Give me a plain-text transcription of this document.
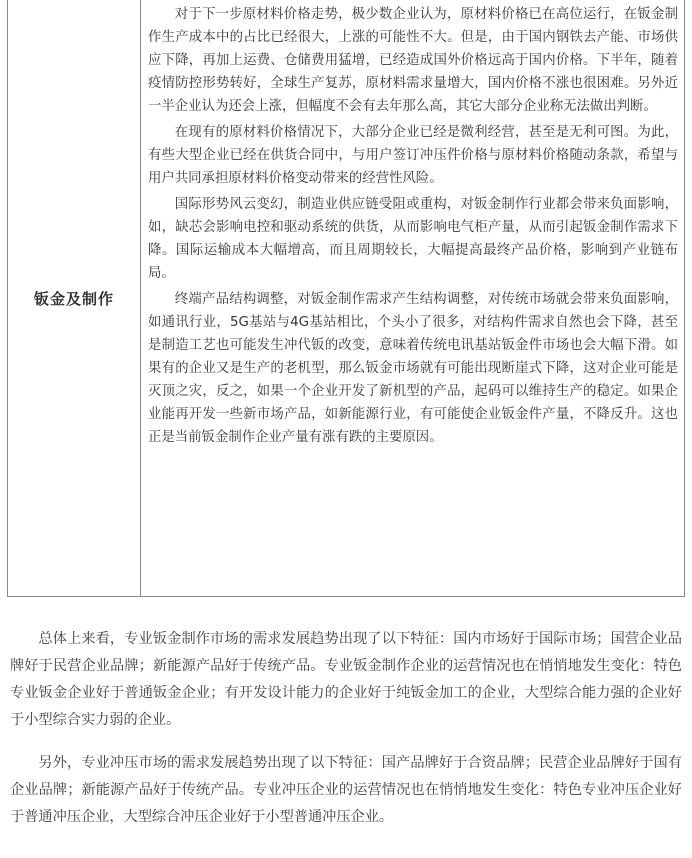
钣金及制作

对于下一步原材料价格走势，极少数企业认为，原材料价格已在高位运行，在钣金制作生产成本中的占比已经很大，上涨的可能性不大。但是，由于国内钢铁去产能、市场供应下降，再加上运费、仓储费用猛增，已经造成国外价格远高于国内价格。下半年，随着疫情防控形势转好，全球生产复苏，原材料需求量增大，国内价格不涨也很困难。另外近一半企业认为还会上涨，但幅度不会有去年那么高，其它大部分企业称无法做出判断。

在现有的原材料价格情况下，大部分企业已经是微利经营，甚至是无利可图。为此，有些大型企业已经在供货合同中，与用户签订冲压件价格与原材料价格随动条款，希望与用户共同承担原材料价格变动带来的经营性风险。

国际形势风云变幻，制造业供应链受阻或重构，对钣金制作行业都会带来负面影响，如，缺芯会影响电控和驱动系统的供货，从而影响电气柜产量，从而引起钣金制作需求下降。国际运输成本大幅增高，而且周期较长，大幅提高最终产品价格，影响到产业链布局。

终端产品结构调整，对钣金制作需求产生结构调整，对传统市场就会带来负面影响，如通讯行业，5G基站与4G基站相比，个头小了很多，对结构件需求自然也会下降，甚至是制造工艺也可能发生冲代钣的改变，意味着传统电讯基站钣金件市场也会大幅下滑。如果有的企业又是生产的老机型，那么钣金市场就有可能出现断崖式下降，这对企业可能是灭顶之灾，反之，如果一个企业开发了新机型的产品，起码可以维持生产的稳定。如果企业能再开发一些新市场产品，如新能源行业，有可能使企业钣金件产量，不降反升。这也正是当前钣金制作企业产量有涨有跌的主要原因。

总体上来看，专业钣金制作市场的需求发展趋势出现了以下特征：国内市场好于国际市场；国营企业品牌好于民营企业品牌；新能源产品好于传统产品。专业钣金制作企业的运营情况也在悄悄地发生变化：特色专业钣金企业好于普通钣金企业；有开发设计能力的企业好于纯钣金加工的企业，大型综合能力强的企业好于小型综合实力弱的企业。

另外，专业冲压市场的需求发展趋势出现了以下特征：国产品牌好于合资品牌；民营企业品牌好于国有企业品牌；新能源产品好于传统产品。专业冲压企业的运营情况也在悄悄地发生变化：特色专业冲压企业好于普通冲压企业，大型综合冲压企业好于小型普通冲压企业。
